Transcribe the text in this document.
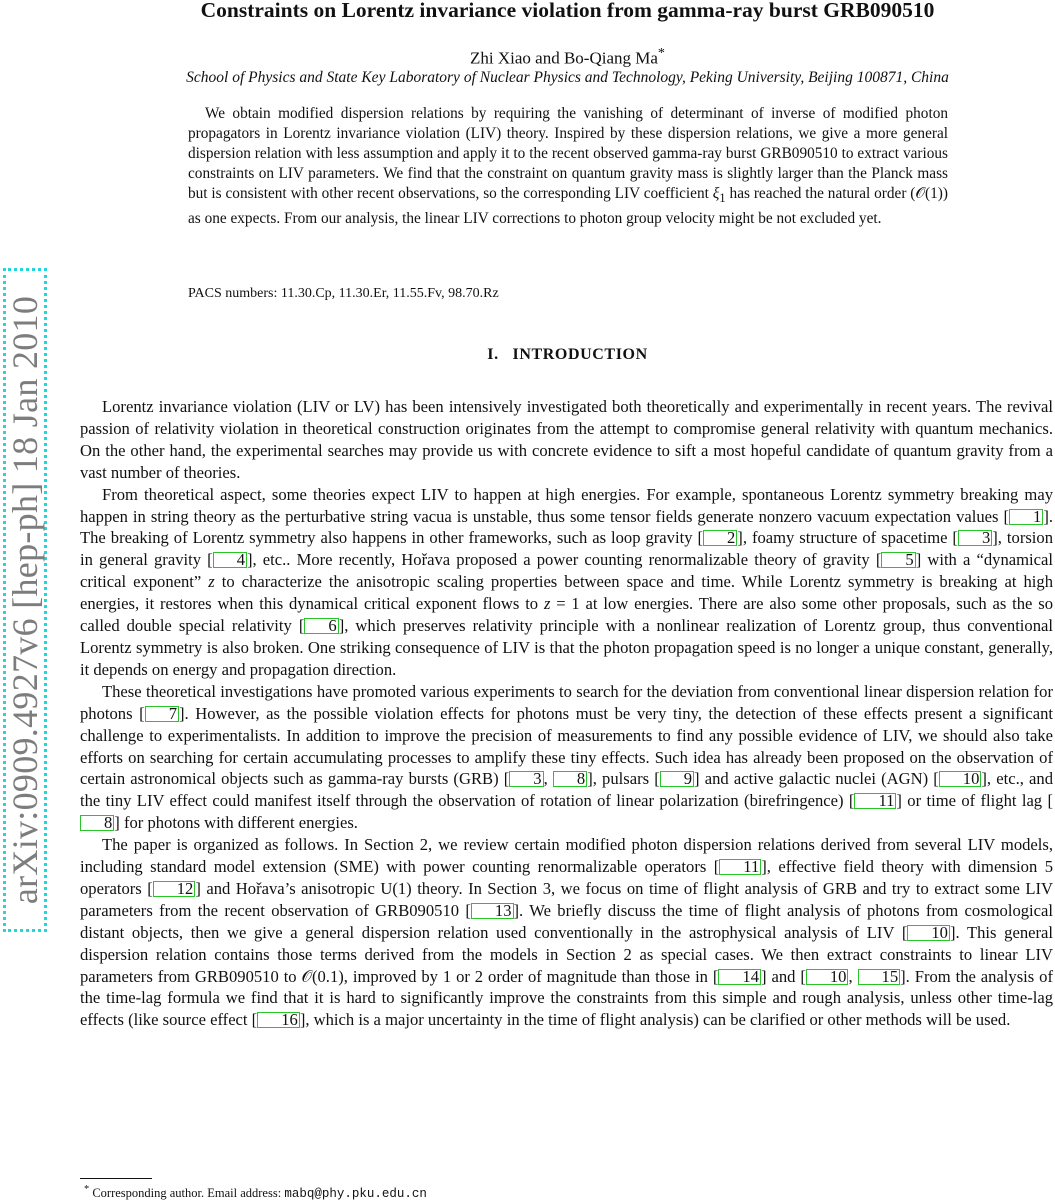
arXiv:0909.4927v6 [hep-ph] 18 Jan 2010
Constraints on Lorentz invariance violation from gamma-ray burst GRB090510
Zhi Xiao and Bo-Qiang Ma*
School of Physics and State Key Laboratory of Nuclear Physics and Technology, Peking University, Beijing 100871, China

We obtain modified dispersion relations by requiring the vanishing of determinant of inverse of modified photon propagators in Lorentz invariance violation (LIV) theory. Inspired by these dispersion relations, we give a more general dispersion relation with less assumption and apply it to the recent observed gamma-ray burst GRB090510 to extract various constraints on LIV parameters. We find that the constraint on quantum gravity mass is slightly larger than the Planck mass but is consistent with other recent observations, so the corresponding LIV coefficient $\xi_1$ has reached the natural order (𝒪(1)) as one expects. From our analysis, the linear LIV corrections to photon group velocity might be not excluded yet.

PACS numbers: 11.30.Cp, 11.30.Er, 11.55.Fv, 98.70.Rz
I. INTRODUCTION

Lorentz invariance violation (LIV or LV) has been intensively investigated both theoretically and experimentally in recent years. The revival passion of relativity violation in theoretical construction originates from the attempt to compromise general relativity with quantum mechanics. On the other hand, the experimental searches may provide us with concrete evidence to sift a most hopeful candidate of quantum gravity from a vast number of theories.

From theoretical aspect, some theories expect LIV to happen at high energies. For example, spontaneous Lorentz symmetry breaking may happen in string theory as the perturbative string vacua is unstable, thus some tensor fields generate nonzero vacuum expectation values [ 1 ]. The breaking of Lorentz symmetry also happens in other frameworks, such as loop gravity [ 2 ], foamy structure of spacetime [ 3 ], torsion in general gravity [ 4 ], etc.. More recently, Hořava proposed a power counting renormalizable theory of gravity [ 5 ] with a “dynamical critical exponent” z to characterize the anisotropic scaling properties between space and time. While Lorentz symmetry is breaking at high energies, it restores when this dynamical critical exponent flows to z = 1 at low energies. There are also some other proposals, such as the so called double special relativity [ 6 ], which preserves relativity principle with a nonlinear realization of Lorentz group, thus conventional Lorentz symmetry is also broken. One striking consequence of LIV is that the photon propagation speed is no longer a unique constant, generally, it depends on energy and propagation direction.

These theoretical investigations have promoted various experiments to search for the deviation from conventional linear dispersion relation for photons [ 7 ]. However, as the possible violation effects for photons must be very tiny, the detection of these effects present a significant challenge to experimentalists. In addition to improve the precision of measurements to find any possible evidence of LIV, we should also take efforts on searching for certain accumulating processes to amplify these tiny effects. Such idea has already been proposed on the observation of certain astronomical objects such as gamma-ray bursts (GRB) [ 3 , 8 ], pulsars [ 9 ] and active galactic nuclei (AGN) [ 10 ], etc., and the tiny LIV effect could manifest itself through the observation of rotation of linear polarization (birefringence) [ 11 ] or time of flight lag [8 ] for photons with different energies.

The paper is organized as follows. In Section 2, we review certain modified photon dispersion relations derived from several LIV models, including standard model extension (SME) with power counting renormalizable operators [ 11 ], effective field theory with dimension 5 operators [ 12 ] and Hořava’s anisotropic U(1) theory. In Section 3, we focus on time of flight analysis of GRB and try to extract some LIV parameters from the recent observation of GRB090510 [ 13 ]. We briefly discuss the time of flight analysis of photons from cosmological distant objects, then we give a general dispersion relation used conventionally in the astrophysical analysis of LIV [ 10 ]. This general dispersion relation contains those terms derived from the models in Section 2 as special cases. We then extract constraints to linear LIV parameters from GRB090510 to 𝒪(0.1), improved by 1 or 2 order of magnitude than those in [ 14 ] and [ 10 , 15 ]. From the analysis of the time-lag formula we find that it is hard to significantly improve the constraints from this simple and rough analysis, unless other time-lag effects (like source effect [ 16 ], which is a major uncertainty in the time of flight analysis) can be clarified or other methods will be used.

* Corresponding author. Email address: mabq@phy.pku.edu.cn
